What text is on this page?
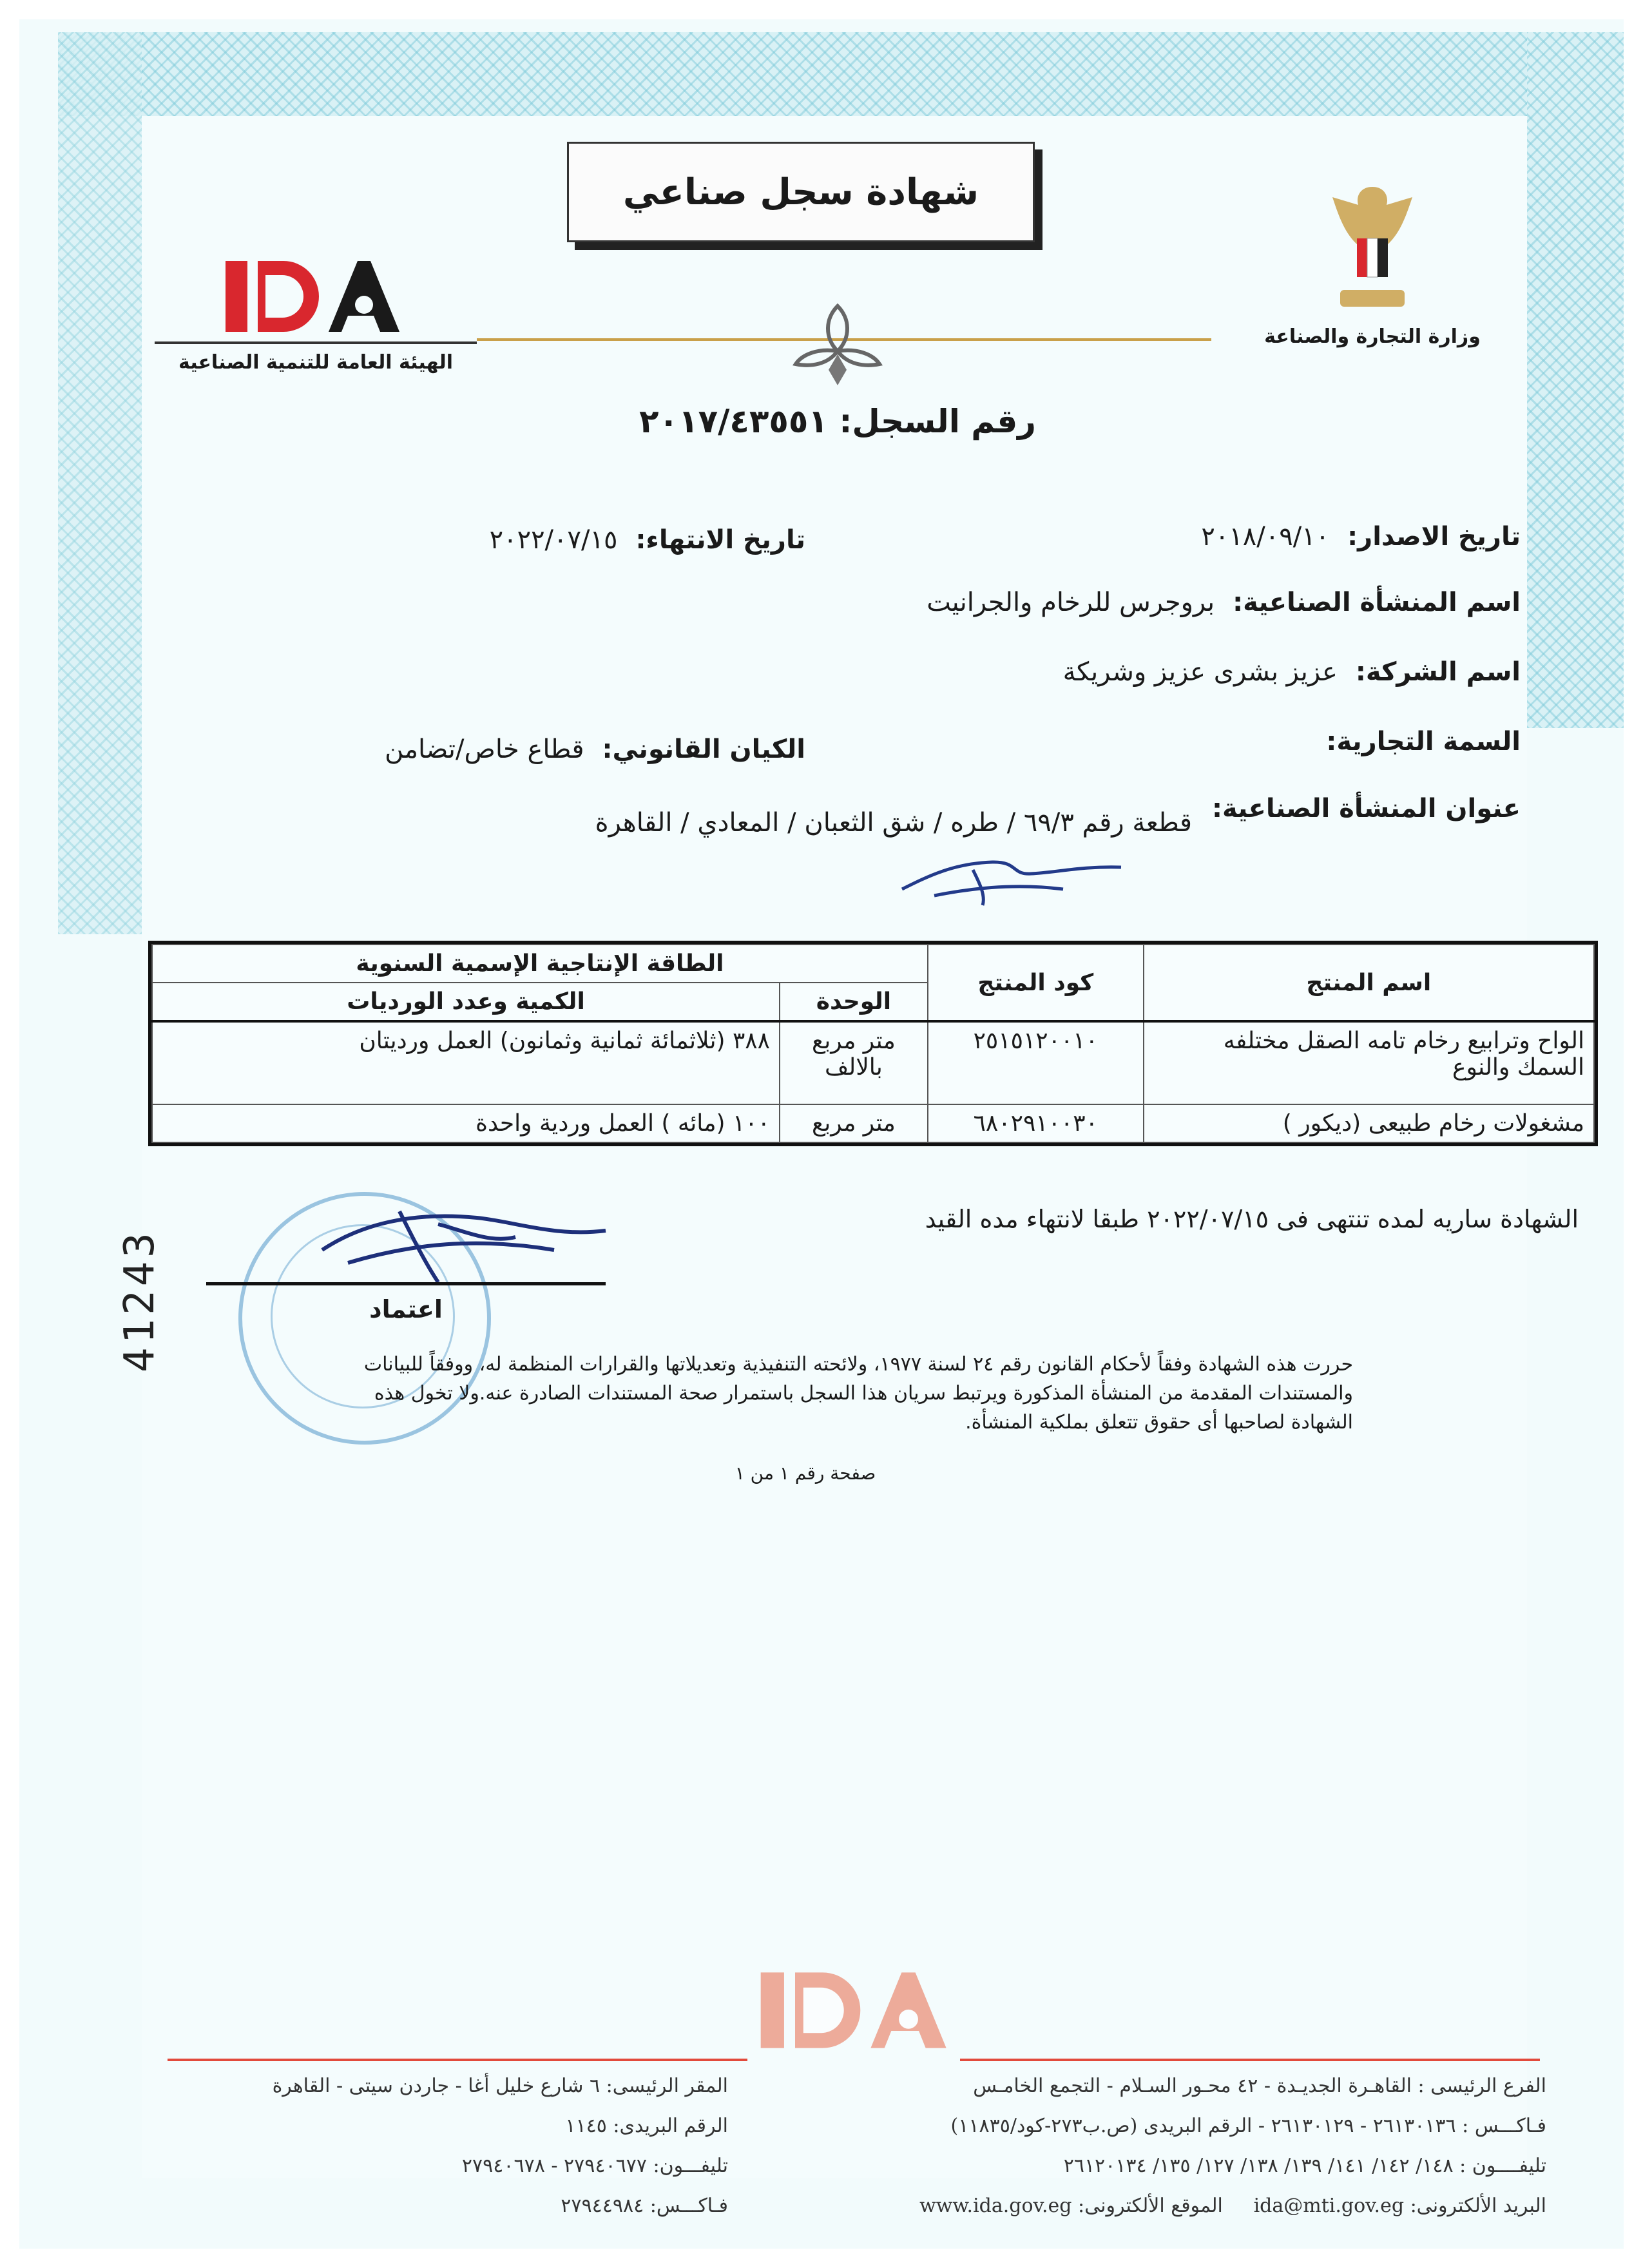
شهادة سجل صناعي
الهيئة العامة للتنمية الصناعية
وزارة التجارة والصناعة
رقم السجل: ٢٠١٧/٤٣٥٥١
تاريخ الاصدار:٢٠١٨/٠٩/١٠
تاريخ الانتهاء:٢٠٢٢/٠٧/١٥
اسم المنشأة الصناعية:بروجرس للرخام والجرانيت
اسم الشركة:عزيز بشرى عزيز وشريكة
السمة التجارية:
الكيان القانوني:قطاع خاص/تضامن
عنوان المنشأة الصناعية:
قطعة رقم ٦٩/٣ / طره / شق الثعبان / المعادي / القاهرة
اسم المنتج	كود المنتج	الطاقة الإنتاجية الإسمية السنوية	
		الوحدة	الكمية وعدد الورديات
الواح وترابيع رخام تامه الصقل مختلفه السمك والنوع	٢٥١٥١٢٠٠١٠	متر مربع بالالف	٣٨٨ (ثلاثمائة ثمانية وثمانون) العمل ورديتان
مشغولات رخام طبيعى (ديكور )	٦٨٠٢٩١٠٠٣٠	متر مربع	١٠٠ (مائه ) العمل وردية واحدة
الشهادة ساريه لمده تنتهى فى ٢٠٢٢/٠٧/١٥ طبقا لانتهاء مده القيد
اعتماد
41243	حررت هذه الشهادة وفقاً لأحكام القانون رقم ٢٤ لسنة ١٩٧٧، ولائحته التنفيذية وتعديلاتها والقرارات المنظمة له، ووفقاً للبيانات والمستندات المقدمة من المنشأة المذكورة ويرتبط سريان هذا السجل باستمرار صحة المستندات الصادرة عنه.ولا تخول هذه الشهادة لصاحبها أى حقوق تتعلق بملكية المنشأة.
صفحة رقم ١ من ١
الفرع الرئيسى : القاهـرة الجديـدة - ٤٢ محـور السـلام - التجمع الخامـس
فـاكـــس : ٢٦١٣٠١٣٦ - ٢٦١٣٠١٢٩ - الرقم البريدى (ص.ب٢٧٣-كود/١١٨٣٥)
تليفــــون : ١٤٨/ ١٤٢/ ١٤١/ ١٣٩/ ١٣٨/ ١٢٧/ ١٣٥/ ٢٦١٢٠١٣٤
البريد الألكترونى: ida@mti.gov.eg     الموقع الألكترونى: www.ida.gov.eg
المقر الرئيسى: ٦ شارع خليل أغا - جاردن سيتى - القاهرة
الرقم البريدى: ١١٤٥
تليفـــون: ٢٧٩٤٠٦٧٧ - ٢٧٩٤٠٦٧٨
فـاكـــس: ٢٧٩٤٤٩٨٤
